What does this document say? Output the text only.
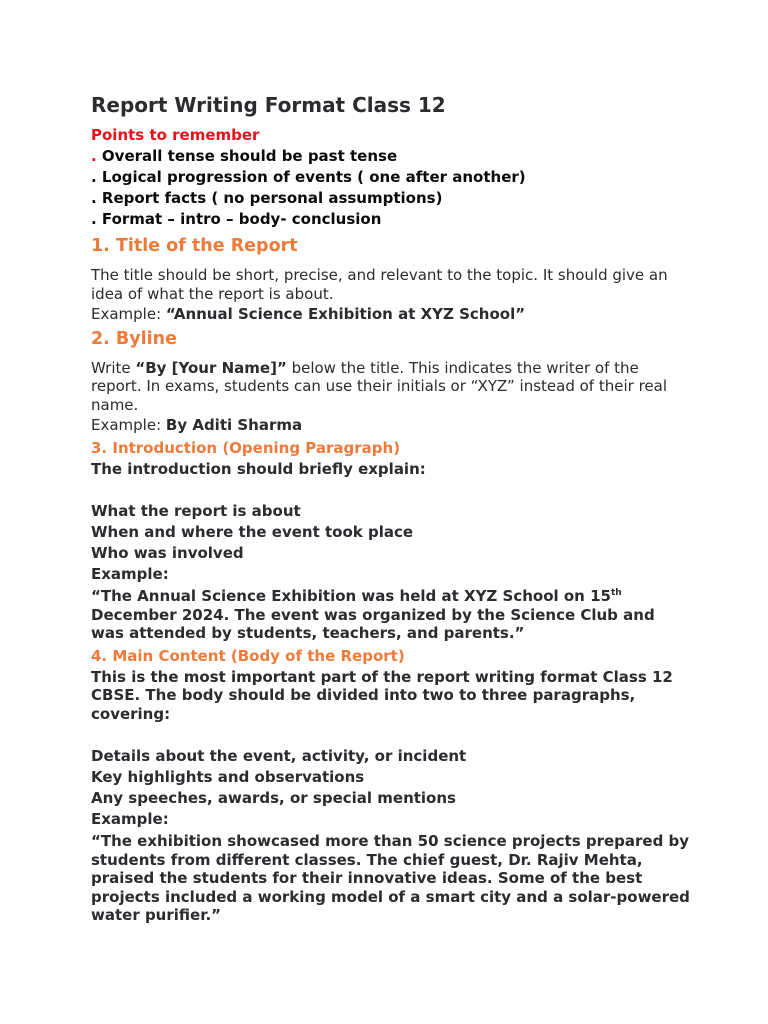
Report Writing Format Class 12
Points to remember
. Overall tense should be past tense
. Logical progression of events ( one after another)
. Report facts ( no personal assumptions)
. Format – intro – body- conclusion
1. Title of the Report
The title should be short, precise, and relevant to the topic. It should give an idea of what the report is about.
Example: “Annual Science Exhibition at XYZ School”
2. Byline
Write “By [Your Name]” below the title. This indicates the writer of the report. In exams, students can use their initials or “XYZ” instead of their real name.
Example: By Aditi Sharma
3. Introduction (Opening Paragraph)
The introduction should briefly explain:
What the report is about
When and where the event took place
Who was involved
Example:
“The Annual Science Exhibition was held at XYZ School on 15th December 2024. The event was organized by the Science Club and was attended by students, teachers, and parents.”
4. Main Content (Body of the Report)
This is the most important part of the report writing format Class 12 CBSE. The body should be divided into two to three paragraphs, covering:
Details about the event, activity, or incident
Key highlights and observations
Any speeches, awards, or special mentions
Example:
“The exhibition showcased more than 50 science projects prepared by students from different classes. The chief guest, Dr. Rajiv Mehta, praised the students for their innovative ideas. Some of the best projects included a working model of a smart city and a solar-powered water purifier.”
